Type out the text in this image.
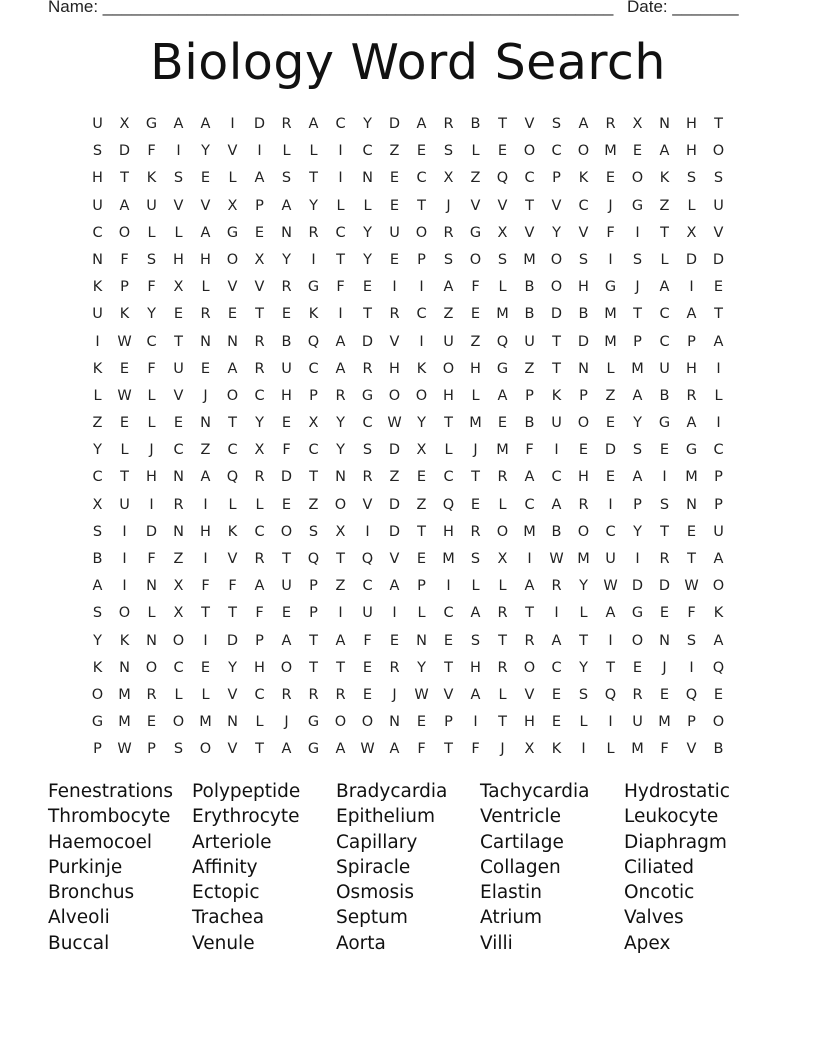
Name: ______________________________________________________ Date: _______
Biology Word Search
U	X	G	A	A	I	D	R	A	C	Y	D	A	R	B	T	V	S	A	R	X	N	H	T
S	D	F	I	Y	V	I	L	L	I	C	Z	E	S	L	E	O	C	O	M	E	A	H	O
H	T	K	S	E	L	A	S	T	I	N	E	C	X	Z	Q	C	P	K	E	O	K	S	S
U	A	U	V	V	X	P	A	Y	L	L	E	T	J	V	V	T	V	C	J	G	Z	L	U
C	O	L	L	A	G	E	N	R	C	Y	U	O	R	G	X	V	Y	V	F	I	T	X	V
N	F	S	H	H	O	X	Y	I	T	Y	E	P	S	O	S	M	O	S	I	S	L	D	D
K	P	F	X	L	V	V	R	G	F	E	I	I	A	F	L	B	O	H	G	J	A	I	E
U	K	Y	E	R	E	T	E	K	I	T	R	C	Z	E	M	B	D	B	M	T	C	A	T
I	W	C	T	N	N	R	B	Q	A	D	V	I	U	Z	Q	U	T	D	M	P	C	P	A
K	E	F	U	E	A	R	U	C	A	R	H	K	O	H	G	Z	T	N	L	M	U	H	I
L	W	L	V	J	O	C	H	P	R	G	O	O	H	L	A	P	K	P	Z	A	B	R	L
Z	E	L	E	N	T	Y	E	X	Y	C	W	Y	T	M	E	B	U	O	E	Y	G	A	I
Y	L	J	C	Z	C	X	F	C	Y	S	D	X	L	J	M	F	I	E	D	S	E	G	C
C	T	H	N	A	Q	R	D	T	N	R	Z	E	C	T	R	A	C	H	E	A	I	M	P
X	U	I	R	I	L	L	E	Z	O	V	D	Z	Q	E	L	C	A	R	I	P	S	N	P
S	I	D	N	H	K	C	O	S	X	I	D	T	H	R	O	M	B	O	C	Y	T	E	U
B	I	F	Z	I	V	R	T	Q	T	Q	V	E	M	S	X	I	W M	U	I	R	T	A
A	I	N	X	F	F	A	U	P	Z	C	A	P	I	L	L	A	R	Y	W D	D W O
S	O	L	X	T	T	F	E	P	I	U	I	L	C	A	R	T	I	L	A	G	E	F	K
Y	K	N	O	I	D	P	A	T	A	F	E	N	E	S	T	R	A	T	I	O	N	S	A
K	N	O	C	E	Y	H	O	T	T	E	R	Y	T	H	R	O	C	Y	T	E	J	I	Q
O	M	R	L	L	V	C	R	R	R	E	J	W	V	A	L	V	E	S	Q	R	E	Q	E
G	M	E	O	M	N	L	J	G	O	O	N	E	P	I	T	H	E	L	I	U	M	P	O
P	W	P	S	O	V	T	A	G	A	W	A	F	T	F	J	X	K	I	L	M	F	V	B
Fenestrations	Polypeptide	Bradycardia	Tachycardia	Hydrostatic
Thrombocyte	Erythrocyte	Epithelium	Ventricle	Leukocyte
Haemocoel	Arteriole	Capillary	Cartilage	Diaphragm
Purkinje	Affinity	Spiracle	Collagen	Ciliated
Bronchus	Ectopic	Osmosis	Elastin	Oncotic
Alveoli	Trachea	Septum	Atrium	Valves
Buccal	Venule	Aorta	Villi	Apex
